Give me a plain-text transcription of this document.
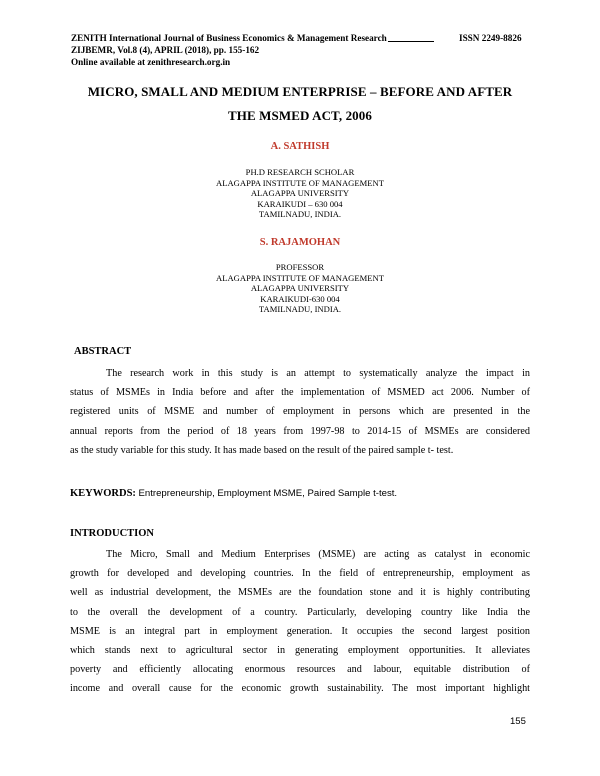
ZENITH International Journal of Business Economics & Management Research	ISSN 2249-8826
ZIJBEMR, Vol.8 (4), APRIL (2018), pp. 155-162
Online available at zenithresearch.org.in
MICRO, SMALL AND MEDIUM ENTERPRISE – BEFORE AND AFTER
THE MSMED ACT, 2006
A. SATHISH
PH.D RESEARCH SCHOLAR
ALAGAPPA INSTITUTE OF MANAGEMENT
ALAGAPPA UNIVERSITY
KARAIKUDI – 630 004
TAMILNADU, INDIA.
S. RAJAMOHAN
PROFESSOR
ALAGAPPA INSTITUTE OF MANAGEMENT
ALAGAPPA UNIVERSITY
KARAIKUDI-630 004
TAMILNADU, INDIA.
ABSTRACT
The research work in this study is an attempt to systematically analyze the impact in
status of MSMEs in India before and after the implementation of MSMED act 2006. Number of
registered units of MSME and number of employment in persons which are presented in the
annual reports from the period of 18 years from 1997-98 to 2014-15 of MSMEs are considered
as the study variable for this study. It has made based on the result of the paired sample t- test.
KEYWORDS: Entrepreneurship, Employment MSME, Paired Sample t-test.
INTRODUCTION
The Micro, Small and Medium Enterprises (MSME) are acting as catalyst in economic
growth for developed and developing countries. In the field of entrepreneurship, employment as
well as industrial development, the MSMEs are the foundation stone and it is highly contributing
to the overall the development of a country. Particularly, developing country like India the
MSME is an integral part in employment generation. It occupies the second largest position
which stands next to agricultural sector in generating employment opportunities. It alleviates
poverty and efficiently allocating enormous resources and labour, equitable distribution of
income and overall cause for the economic growth sustainability. The most important highlight
155
